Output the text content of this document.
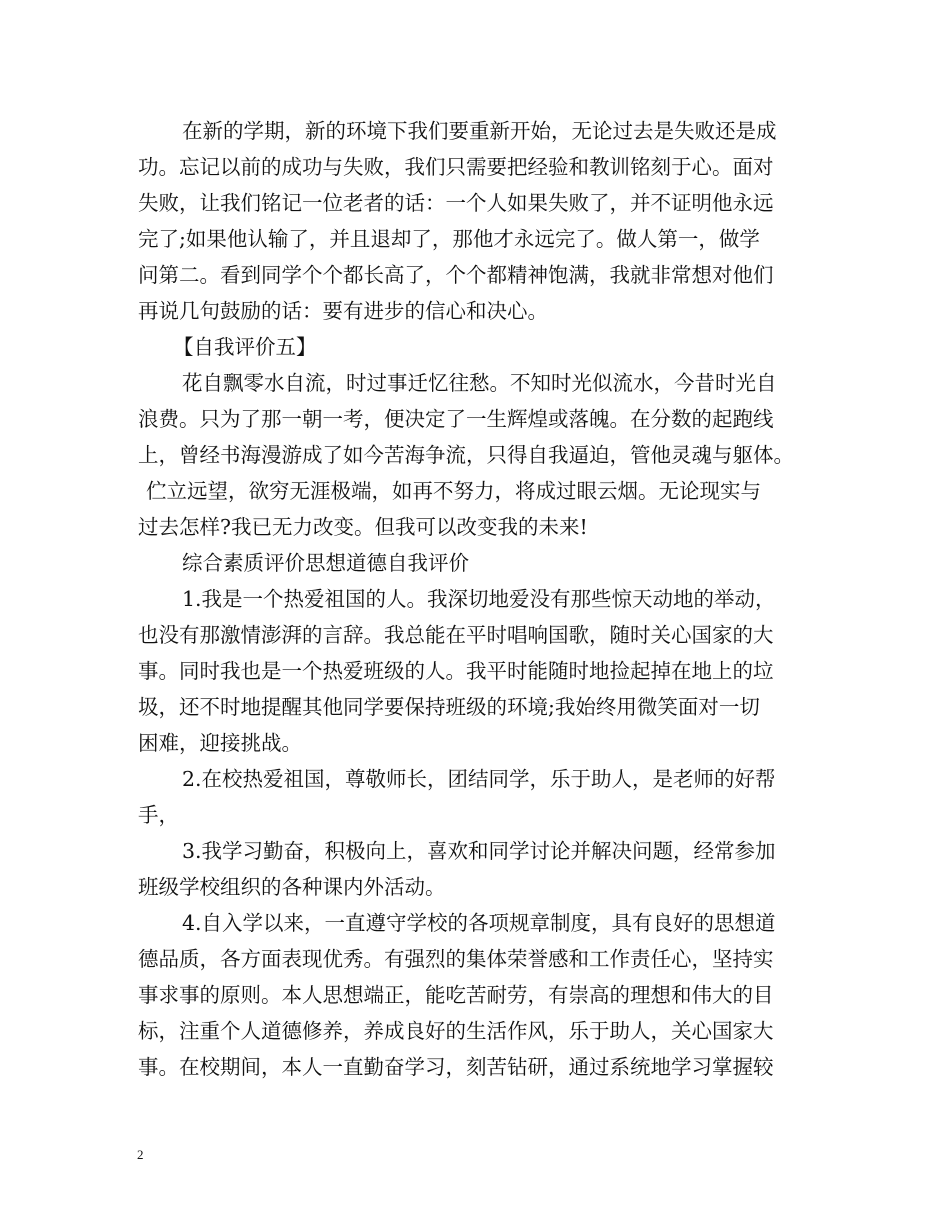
在新的学期，新的环境下我们要重新开始，无论过去是失败还是成
功。忘记以前的成功与失败，我们只需要把经验和教训铭刻于心。面对
失败，让我们铭记一位老者的话：一个人如果失败了，并不证明他永远
完了;如果他认输了，并且退却了，那他才永远完了。做人第一，做学
问第二。看到同学个个都长高了，个个都精神饱满，我就非常想对他们
再说几句鼓励的话：要有进步的信心和决心。
【自我评价五】
花自飘零水自流，时过事迁忆往愁。不知时光似流水，今昔时光自
浪费。只为了那一朝一考，便决定了一生辉煌或落魄。在分数的起跑线
上，曾经书海漫游成了如今苦海争流，只得自我逼迫，管他灵魂与躯体。
伫立远望，欲穷无涯极端，如再不努力，将成过眼云烟。无论现实与
过去怎样?我已无力改变。但我可以改变我的未来!
综合素质评价思想道德自我评价
1.我是一个热爱祖国的人。我深切地爱没有那些惊天动地的举动，
也没有那激情澎湃的言辞。我总能在平时唱响国歌，随时关心国家的大
事。同时我也是一个热爱班级的人。我平时能随时地捡起掉在地上的垃
圾，还不时地提醒其他同学要保持班级的环境;我始终用微笑面对一切
困难，迎接挑战。
2.在校热爱祖国，尊敬师长，团结同学，乐于助人，是老师的好帮
手，
3.我学习勤奋，积极向上，喜欢和同学讨论并解决问题，经常参加
班级学校组织的各种课内外活动。
4.自入学以来，一直遵守学校的各项规章制度，具有良好的思想道
德品质，各方面表现优秀。有强烈的集体荣誉感和工作责任心，坚持实
事求事的原则。本人思想端正，能吃苦耐劳，有崇高的理想和伟大的目
标，注重个人道德修养，养成良好的生活作风，乐于助人，关心国家大
事。在校期间，本人一直勤奋学习，刻苦钻研，通过系统地学习掌握较
2
